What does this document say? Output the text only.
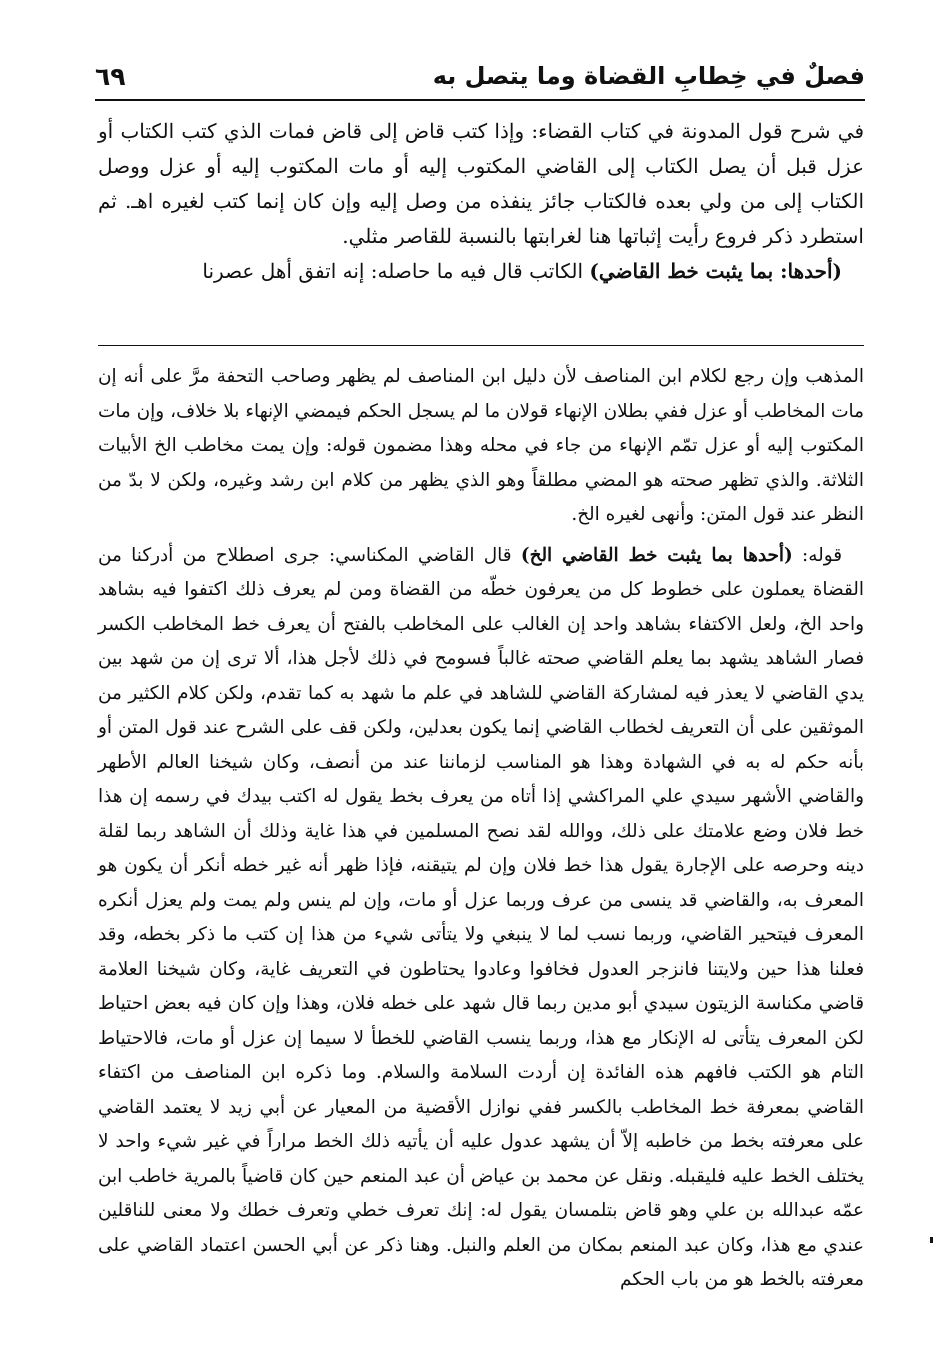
٦٩	فصلٌ في خِطابِ القضاة وما يتصل به

في شرح قول المدونة في كتاب القضاء: وإذا كتب قاض إلى قاض فمات الذي كتب الكتاب أو عزل قبل أن يصل الكتاب إلى القاضي المكتوب إليه أو مات المكتوب إليه أو عزل ووصل الكتاب إلى من ولي بعده فالكتاب جائز ينفذه من وصل إليه وإن كان إنما كتب لغيره اهـ. ثم استطرد ذكر فروع رأيت إثباتها هنا لغرابتها بالنسبة للقاصر مثلي.

(أحدها: بما يثبت خط القاضي) الكاتب قال فيه ما حاصله: إنه اتفق أهل عصرنا

المذهب وإن رجع لكلام ابن المناصف لأن دليل ابن المناصف لم يظهر وصاحب التحفة مرَّ على أنه إن مات المخاطب أو عزل ففي بطلان الإنهاء قولان ما لم يسجل الحكم فيمضي الإنهاء بلا خلاف، وإن مات المكتوب إليه أو عزل تمّم الإنهاء من جاء في محله وهذا مضمون قوله: وإن يمت مخاطب الخ الأبيات الثلاثة. والذي تظهر صحته هو المضي مطلقاً وهو الذي يظهر من كلام ابن رشد وغيره، ولكن لا بدّ من النظر عند قول المتن: وأنهى لغيره الخ.

قوله: (أحدها بما يثبت خط القاضي الخ) قال القاضي المكناسي: جرى اصطلاح من أدركنا من القضاة يعملون على خطوط كل من يعرفون خطّه من القضاة ومن لم يعرف ذلك اكتفوا فيه بشاهد واحد الخ، ولعل الاكتفاء بشاهد واحد إن الغالب على المخاطب بالفتح أن يعرف خط المخاطب الكسر فصار الشاهد يشهد بما يعلم القاضي صحته غالباً فسومح في ذلك لأجل هذا، ألا ترى إن من شهد بين يدي القاضي لا يعذر فيه لمشاركة القاضي للشاهد في علم ما شهد به كما تقدم، ولكن كلام الكثير من الموثقين على أن التعريف لخطاب القاضي إنما يكون بعدلين، ولكن قف على الشرح عند قول المتن أو بأنه حكم له به في الشهادة وهذا هو المناسب لزماننا عند من أنصف، وكان شيخنا العالم الأطهر والقاضي الأشهر سيدي علي المراكشي إذا أتاه من يعرف بخط يقول له اكتب بيدك في رسمه إن هذا خط فلان وضع علامتك على ذلك، ووالله لقد نصح المسلمين في هذا غاية وذلك أن الشاهد ربما لقلة دينه وحرصه على الإجارة يقول هذا خط فلان وإن لم يتيقنه، فإذا ظهر أنه غير خطه أنكر أن يكون هو المعرف به، والقاضي قد ينسى من عرف وربما عزل أو مات، وإن لم ينس ولم يمت ولم يعزل أنكره المعرف فيتحير القاضي، وربما نسب لما لا ينبغي ولا يتأتى شيء من هذا إن كتب ما ذكر بخطه، وقد فعلنا هذا حين ولايتنا فانزجر العدول فخافوا وعادوا يحتاطون في التعريف غاية، وكان شيخنا العلامة قاضي مكناسة الزيتون سيدي أبو مدين ربما قال شهد على خطه فلان، وهذا وإن كان فيه بعض احتياط لكن المعرف يتأتى له الإنكار مع هذا، وربما ينسب القاضي للخطأ لا سيما إن عزل أو مات، فالاحتياط التام هو الكتب فافهم هذه الفائدة إن أردت السلامة والسلام. وما ذكره ابن المناصف من اكتفاء القاضي بمعرفة خط المخاطب بالكسر ففي نوازل الأقضية من المعيار عن أبي زيد لا يعتمد القاضي على معرفته بخط من خاطبه إلاّ أن يشهد عدول عليه أن يأتيه ذلك الخط مراراً في غير شيء واحد لا يختلف الخط عليه فليقبله. ونقل عن محمد بن عياض أن عبد المنعم حين كان قاضياً بالمرية خاطب ابن عمّه عبدالله بن علي وهو قاض بتلمسان يقول له: إنك تعرف خطي وتعرف خطك ولا معنى للناقلين عندي مع هذا، وكان عبد المنعم بمكان من العلم والنبل. وهنا ذكر عن أبي الحسن اعتماد القاضي على معرفته بالخط هو من باب الحكم
